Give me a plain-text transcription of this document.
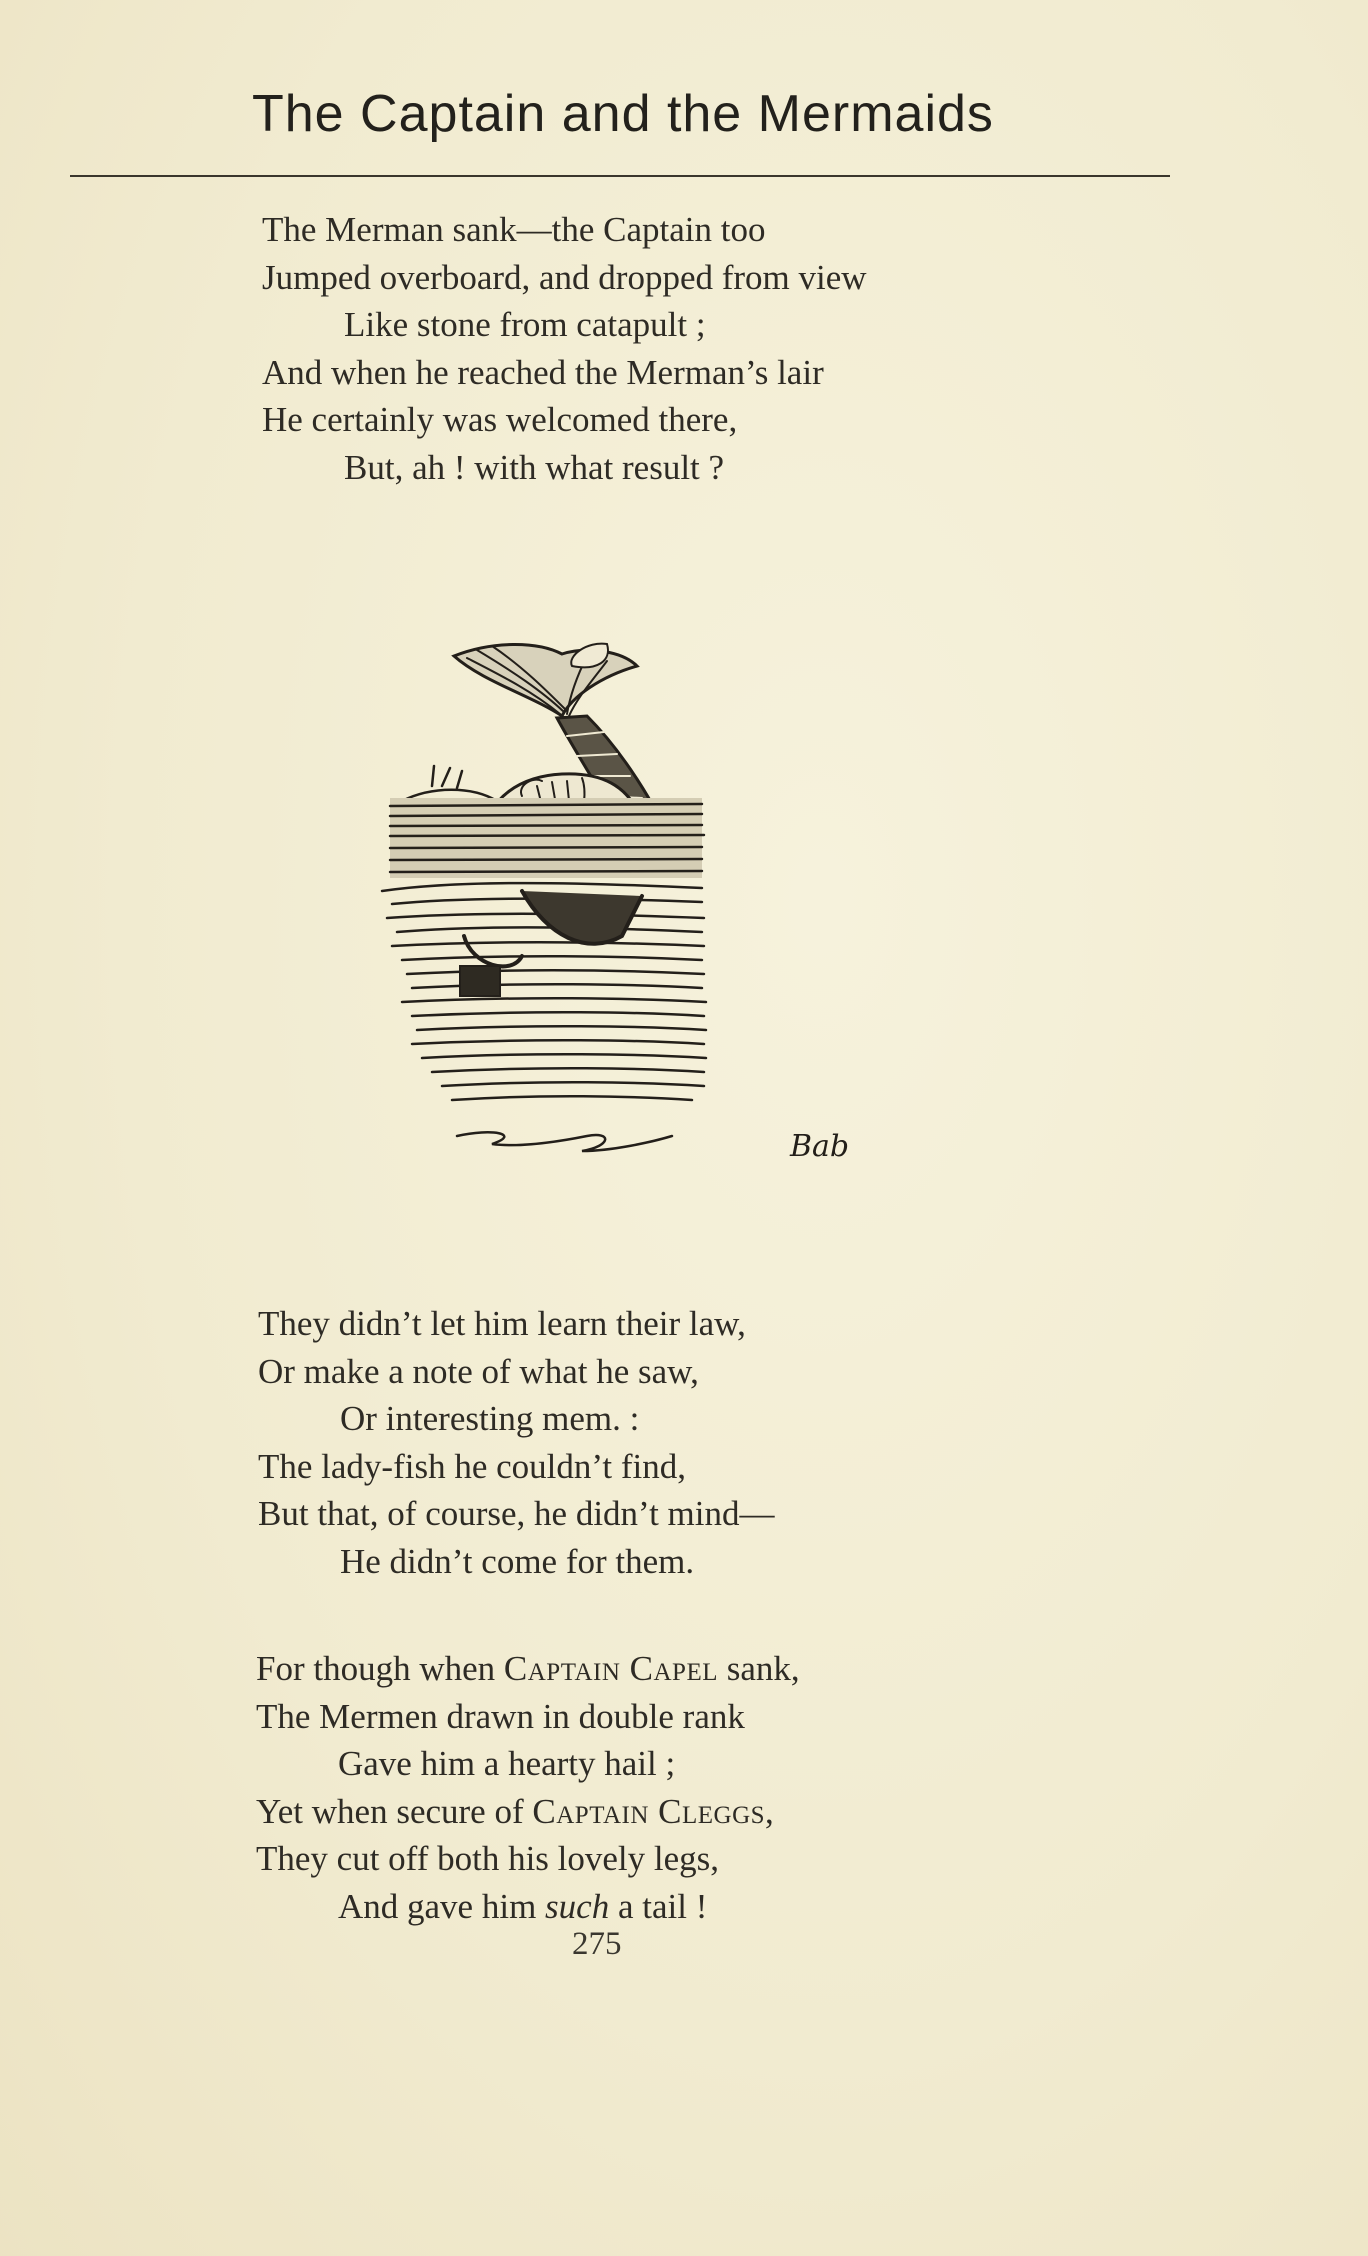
The Captain and the Mermaids

The Merman sank—the Captain too
Jumped overboard, and dropped from view
Like stone from catapult ;
And when he reached the Merman’s lair
He certainly was welcomed there,
But, ah ! with what result ?

Bab

They didn’t let him learn their law,
Or make a note of what he saw,
Or interesting mem. :
The lady-fish he couldn’t find,
But that, of course, he didn’t mind—
He didn’t come for them.

For though when Captain Capel sank,
The Mermen drawn in double rank
Gave him a hearty hail ;
Yet when secure of Captain Cleggs,
They cut off both his lovely legs,
And gave him such a tail !

275
